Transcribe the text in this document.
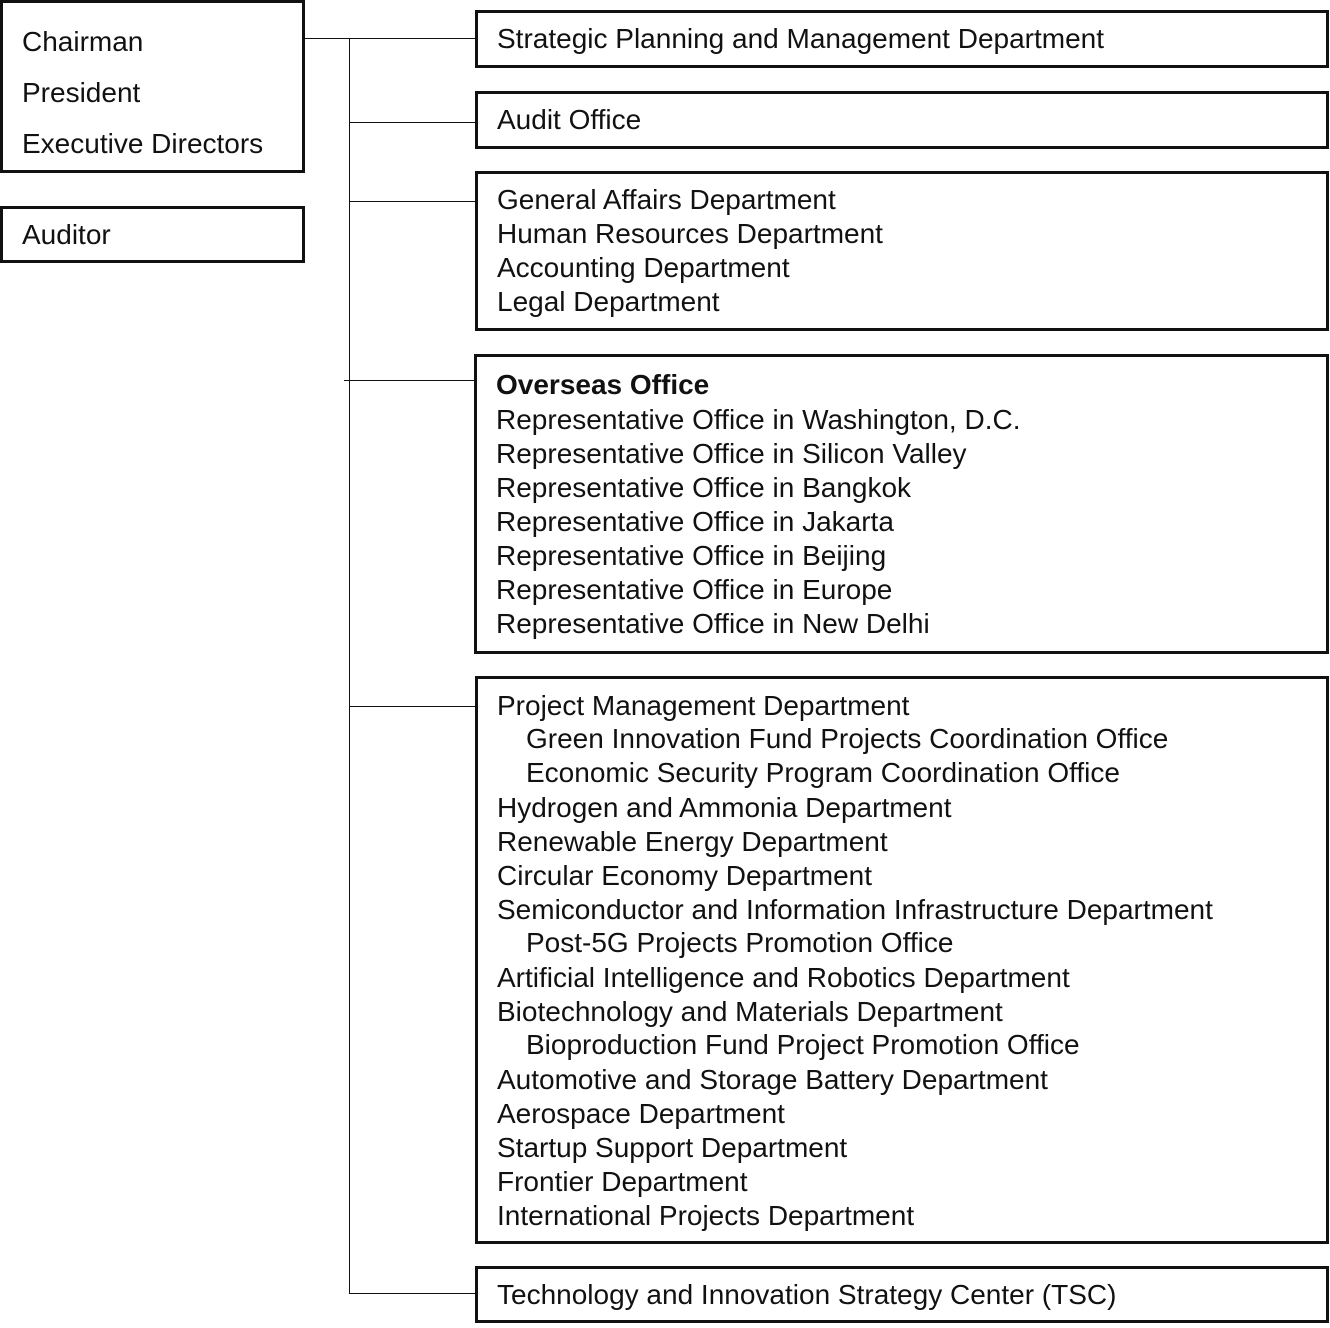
Chairman
President
Executive Directors
Auditor
Strategic Planning and Management Department
Audit Office
General Affairs Department
Human Resources Department
Accounting Department
Legal Department
Overseas Office
Representative Office in Washington, D.C.
Representative Office in Silicon Valley
Representative Office in Bangkok
Representative Office in Jakarta
Representative Office in Beijing
Representative Office in Europe
Representative Office in New Delhi
Project Management Department
Green Innovation Fund Projects Coordination Office
Economic Security Program Coordination Office
Hydrogen and Ammonia Department
Renewable Energy Department
Circular Economy Department
Semiconductor and Information Infrastructure Department
Post-5G Projects Promotion Office
Artificial Intelligence and Robotics Department
Biotechnology and Materials Department
Bioproduction Fund Project Promotion Office
Automotive and Storage Battery Department
Aerospace Department
Startup Support Department
Frontier Department
International Projects Department
Technology and Innovation Strategy Center (TSC)
